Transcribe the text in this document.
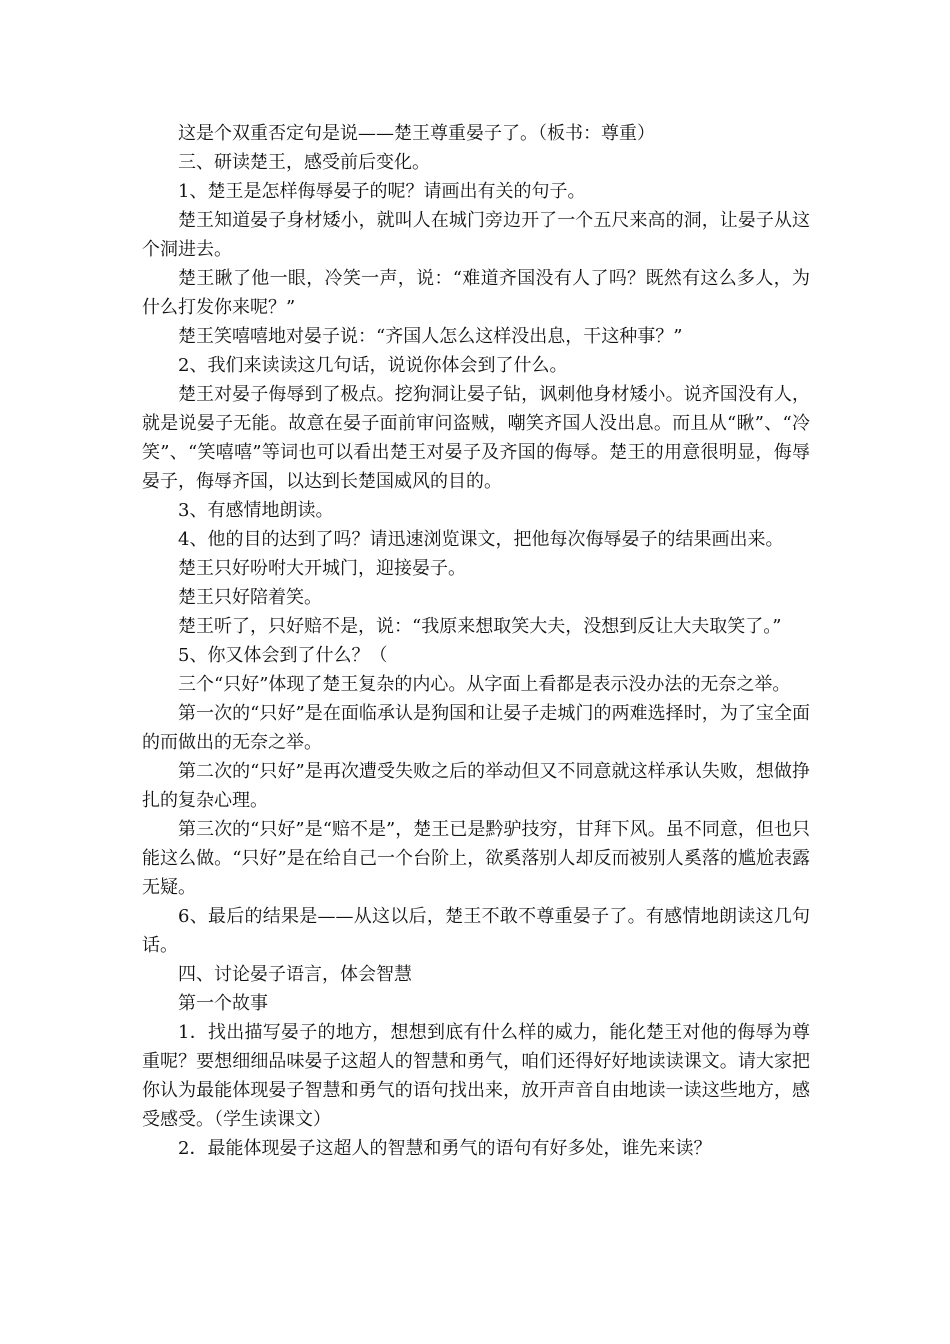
这是个双重否定句是说——楚王尊重晏子了。（板书：尊重）

三、研读楚王，感受前后变化。

1、楚王是怎样侮辱晏子的呢？请画出有关的句子。

楚王知道晏子身材矮小，就叫人在城门旁边开了一个五尺来高的洞，让晏子从这个洞进去。

楚王瞅了他一眼，冷笑一声，说：“难道齐国没有人了吗？既然有这么多人，为什么打发你来呢？”

楚王笑嘻嘻地对晏子说：“齐国人怎么这样没出息，干这种事？”

2、我们来读读这几句话，说说你体会到了什么。

楚王对晏子侮辱到了极点。挖狗洞让晏子钻，讽刺他身材矮小。说齐国没有人，就是说晏子无能。故意在晏子面前审问盗贼，嘲笑齐国人没出息。而且从“瞅”、“冷笑”、“笑嘻嘻”等词也可以看出楚王对晏子及齐国的侮辱。楚王的用意很明显，侮辱晏子，侮辱齐国，以达到长楚国威风的目的。

3、有感情地朗读。

4、他的目的达到了吗？请迅速浏览课文，把他每次侮辱晏子的结果画出来。

楚王只好吩咐大开城门，迎接晏子。

楚王只好陪着笑。

楚王听了，只好赔不是，说：“我原来想取笑大夫，没想到反让大夫取笑了。”

5、你又体会到了什么？（

三个“只好”体现了楚王复杂的内心。从字面上看都是表示没办法的无奈之举。

第一次的“只好”是在面临承认是狗国和让晏子走城门的两难选择时，为了宝全面的而做出的无奈之举。

第二次的“只好”是再次遭受失败之后的举动但又不同意就这样承认失败，想做挣扎的复杂心理。

第三次的“只好”是“赔不是”，楚王已是黔驴技穷，甘拜下风。虽不同意，但也只能这么做。“只好”是在给自己一个台阶上，欲奚落别人却反而被别人奚落的尴尬表露无疑。

6、最后的结果是——从这以后，楚王不敢不尊重晏子了。有感情地朗读这几句话。

四、讨论晏子语言，体会智慧

第一个故事

1．找出描写晏子的地方，想想到底有什么样的威力，能化楚王对他的侮辱为尊重呢？要想细细品味晏子这超人的智慧和勇气，咱们还得好好地读读课文。请大家把你认为最能体现晏子智慧和勇气的语句找出来，放开声音自由地读一读这些地方，感受感受。（学生读课文）

2．最能体现晏子这超人的智慧和勇气的语句有好多处，谁先来读？
